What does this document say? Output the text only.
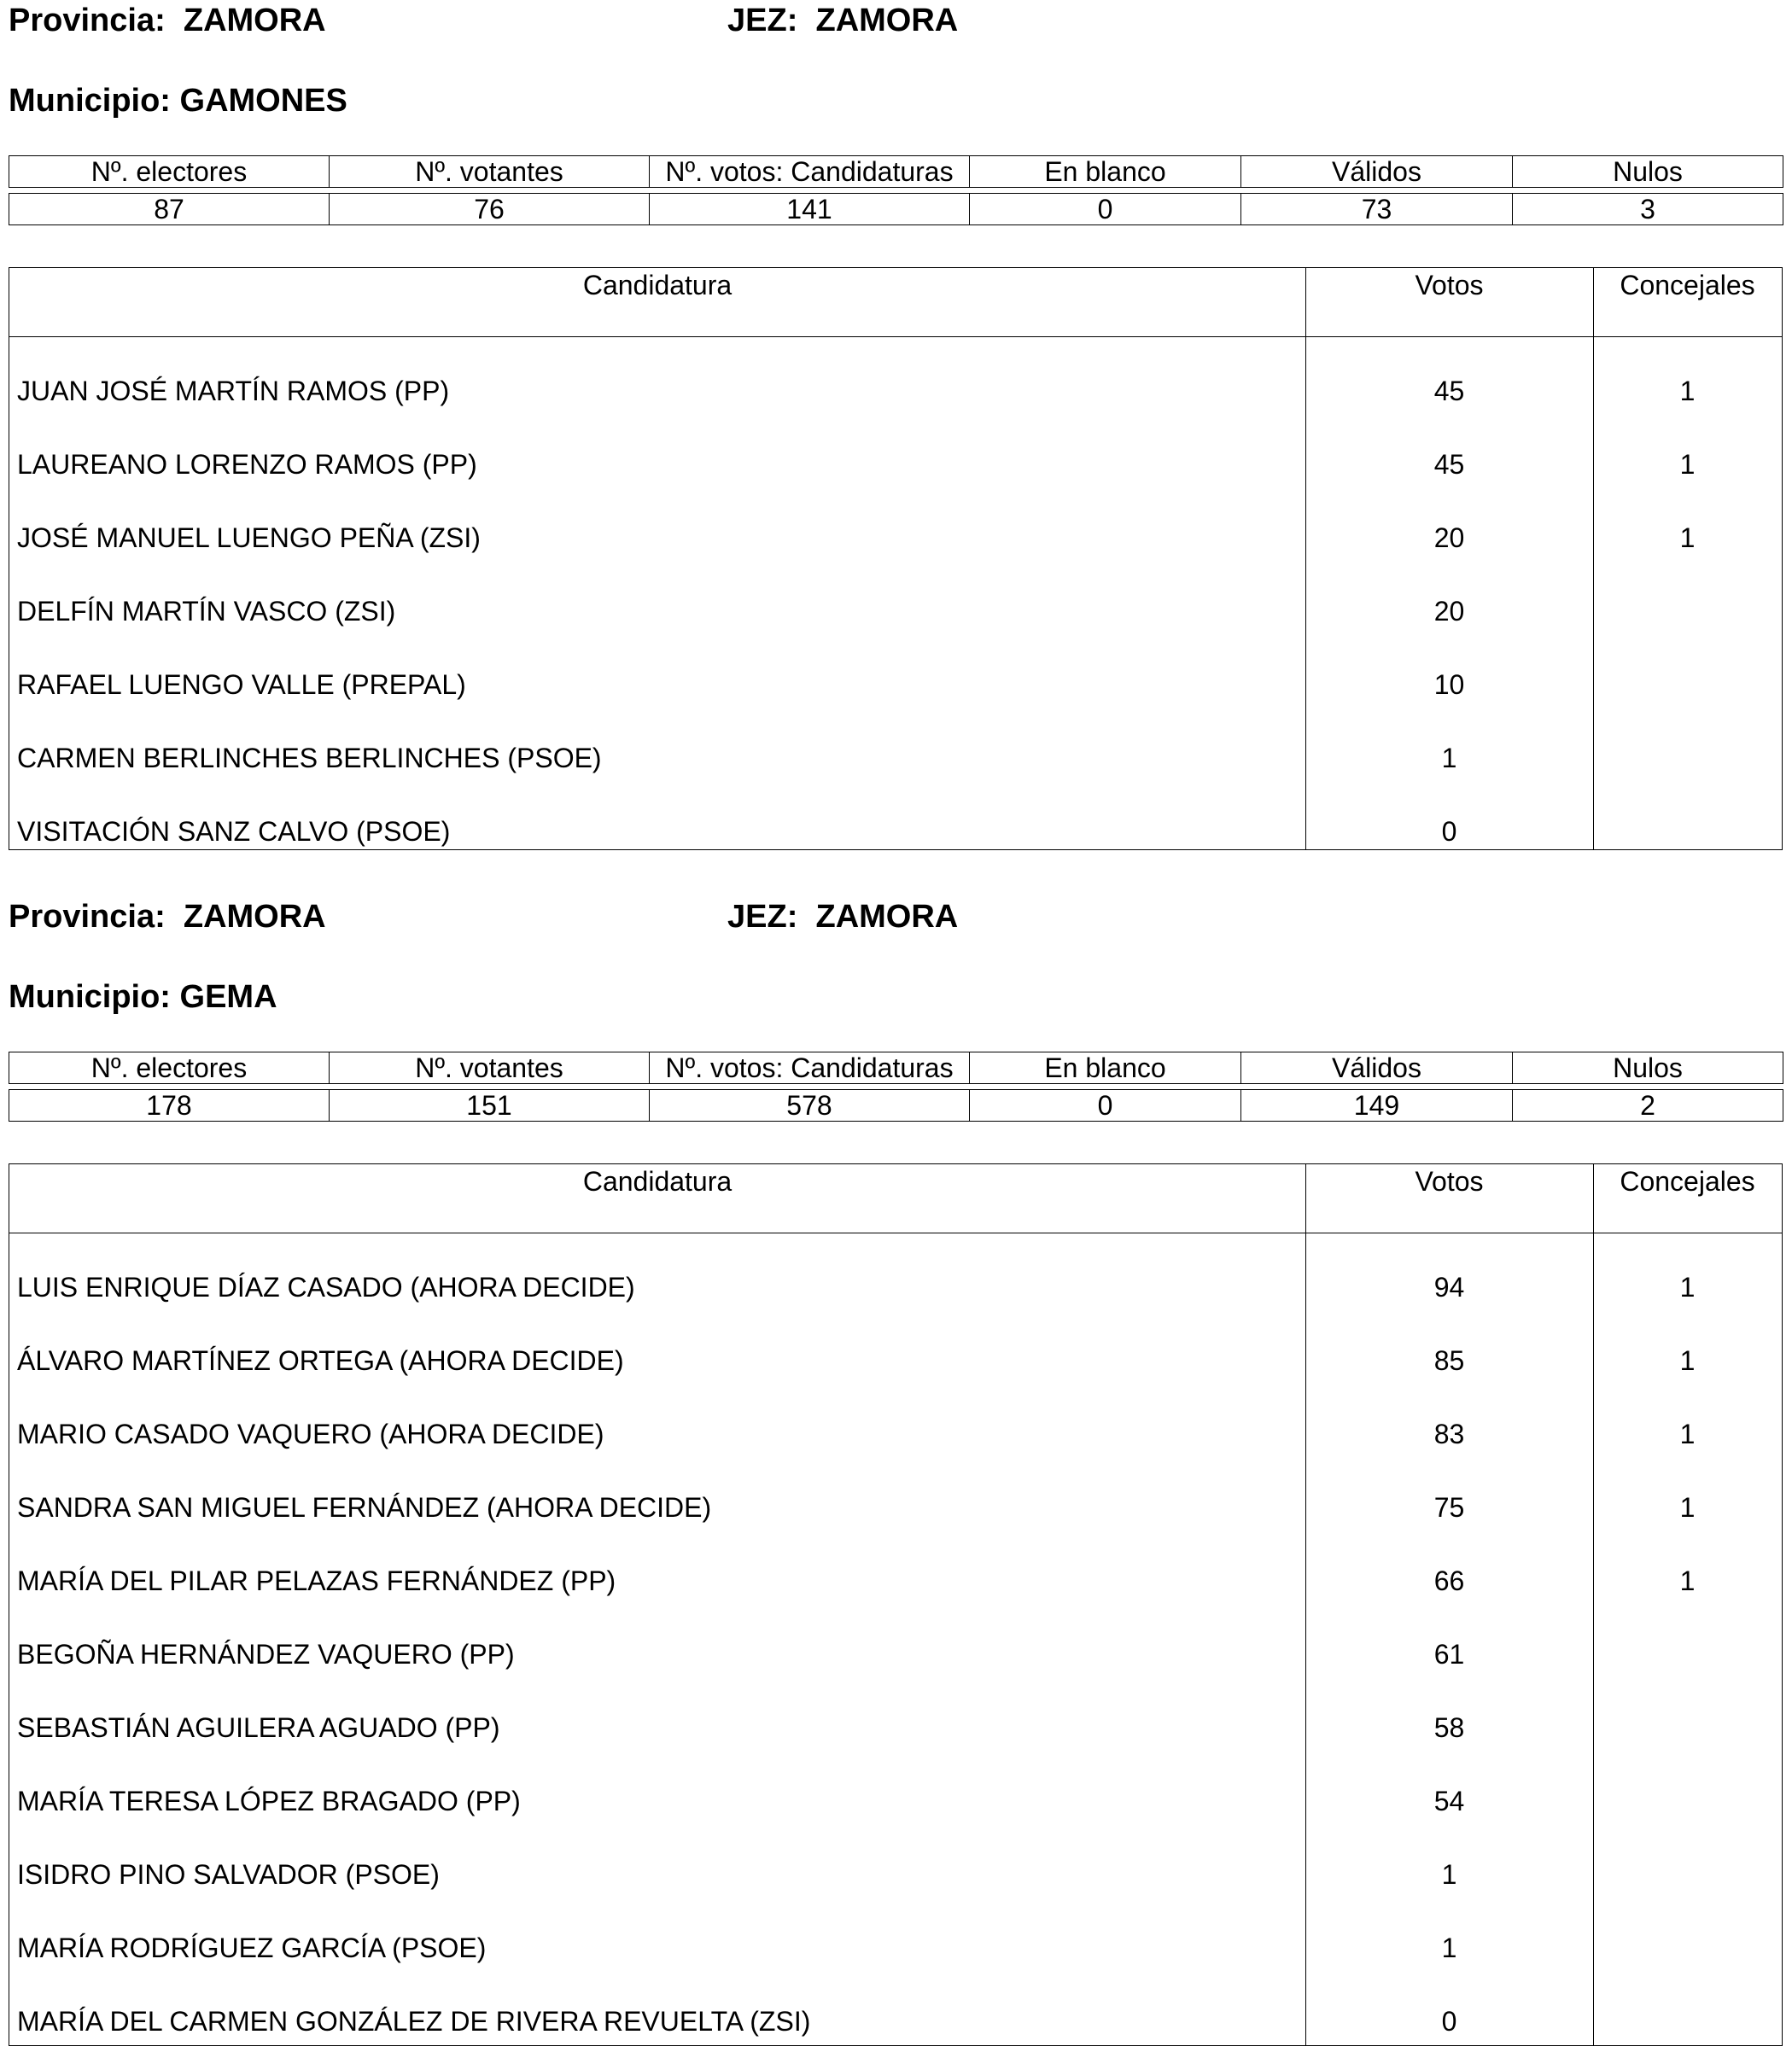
Provincia: ZAMORA	JEZ: ZAMORA
Municipio: GAMONES
Nº. electores	Nº. votantes	Nº. votos: Candidaturas	En blanco	Válidos	Nulos
87	76	141	0	73	3
Candidatura	Votos	Concejales
JUAN JOSÉ MARTÍN RAMOS (PP)	45	1
LAUREANO LORENZO RAMOS (PP)	45	1
JOSÉ MANUEL LUENGO PEÑA (ZSI)	20	1
DELFÍN MARTÍN VASCO (ZSI)	20
RAFAEL LUENGO VALLE (PREPAL)	10
CARMEN BERLINCHES BERLINCHES (PSOE)	1
VISITACIÓN SANZ CALVO (PSOE)	0
Provincia: ZAMORA	JEZ: ZAMORA
Municipio: GEMA
Nº. electores	Nº. votantes	Nº. votos: Candidaturas	En blanco	Válidos	Nulos
178	151	578	0	149	2
Candidatura	Votos	Concejales
LUIS ENRIQUE DÍAZ CASADO (AHORA DECIDE)	94	1
ÁLVARO MARTÍNEZ ORTEGA (AHORA DECIDE)	85	1
MARIO CASADO VAQUERO (AHORA DECIDE)	83	1
SANDRA SAN MIGUEL FERNÁNDEZ (AHORA DECIDE)	75	1
MARÍA DEL PILAR PELAZAS FERNÁNDEZ (PP)	66	1
BEGOÑA HERNÁNDEZ VAQUERO (PP)	61
SEBASTIÁN AGUILERA AGUADO (PP)	58
MARÍA TERESA LÓPEZ BRAGADO (PP)	54
ISIDRO PINO SALVADOR (PSOE)	1
MARÍA RODRÍGUEZ GARCÍA (PSOE)	1
MARÍA DEL CARMEN GONZÁLEZ DE RIVERA REVUELTA (ZSI)	0
